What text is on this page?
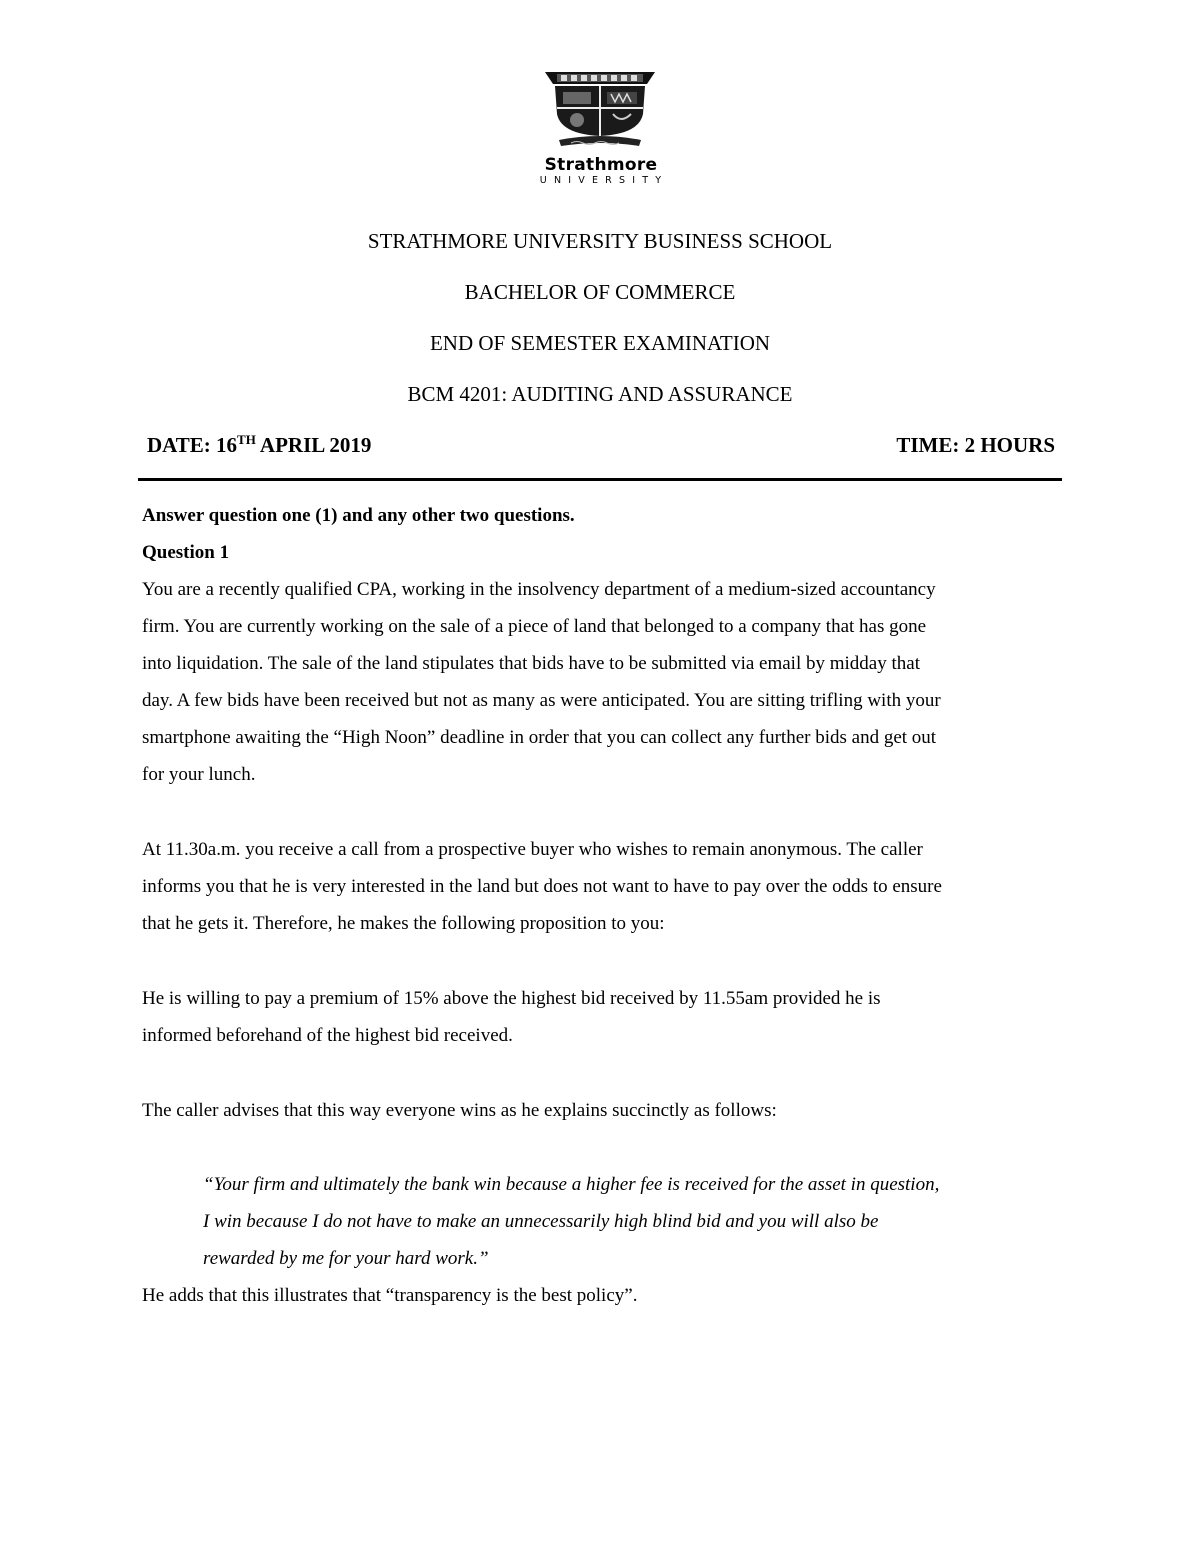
Strathmore
UNIVERSITY
STRATHMORE UNIVERSITY BUSINESS SCHOOL
BACHELOR OF COMMERCE
END OF SEMESTER EXAMINATION
BCM 4201: AUDITING AND ASSURANCE
DATE: 16TH APRIL 2019	TIME: 2 HOURS
Answer question one (1) and any other two questions.
Question 1
You are a recently qualified CPA, working in the insolvency department of a medium-sized accountancy
firm. You are currently working on the sale of a piece of land that belonged to a company that has gone
into liquidation. The sale of the land stipulates that bids have to be submitted via email by midday that
day. A few bids have been received but not as many as were anticipated. You are sitting trifling with your
smartphone awaiting the “High Noon” deadline in order that you can collect any further bids and get out
for your lunch.
At 11.30a.m. you receive a call from a prospective buyer who wishes to remain anonymous. The caller
informs you that he is very interested in the land but does not want to have to pay over the odds to ensure
that he gets it. Therefore, he makes the following proposition to you:
He is willing to pay a premium of 15% above the highest bid received by 11.55am provided he is
informed beforehand of the highest bid received.
The caller advises that this way everyone wins as he explains succinctly as follows:
“Your firm and ultimately the bank win because a higher fee is received for the asset in question,
I win because I do not have to make an unnecessarily high blind bid and you will also be
rewarded by me for your hard work.”
He adds that this illustrates that “transparency is the best policy”.
